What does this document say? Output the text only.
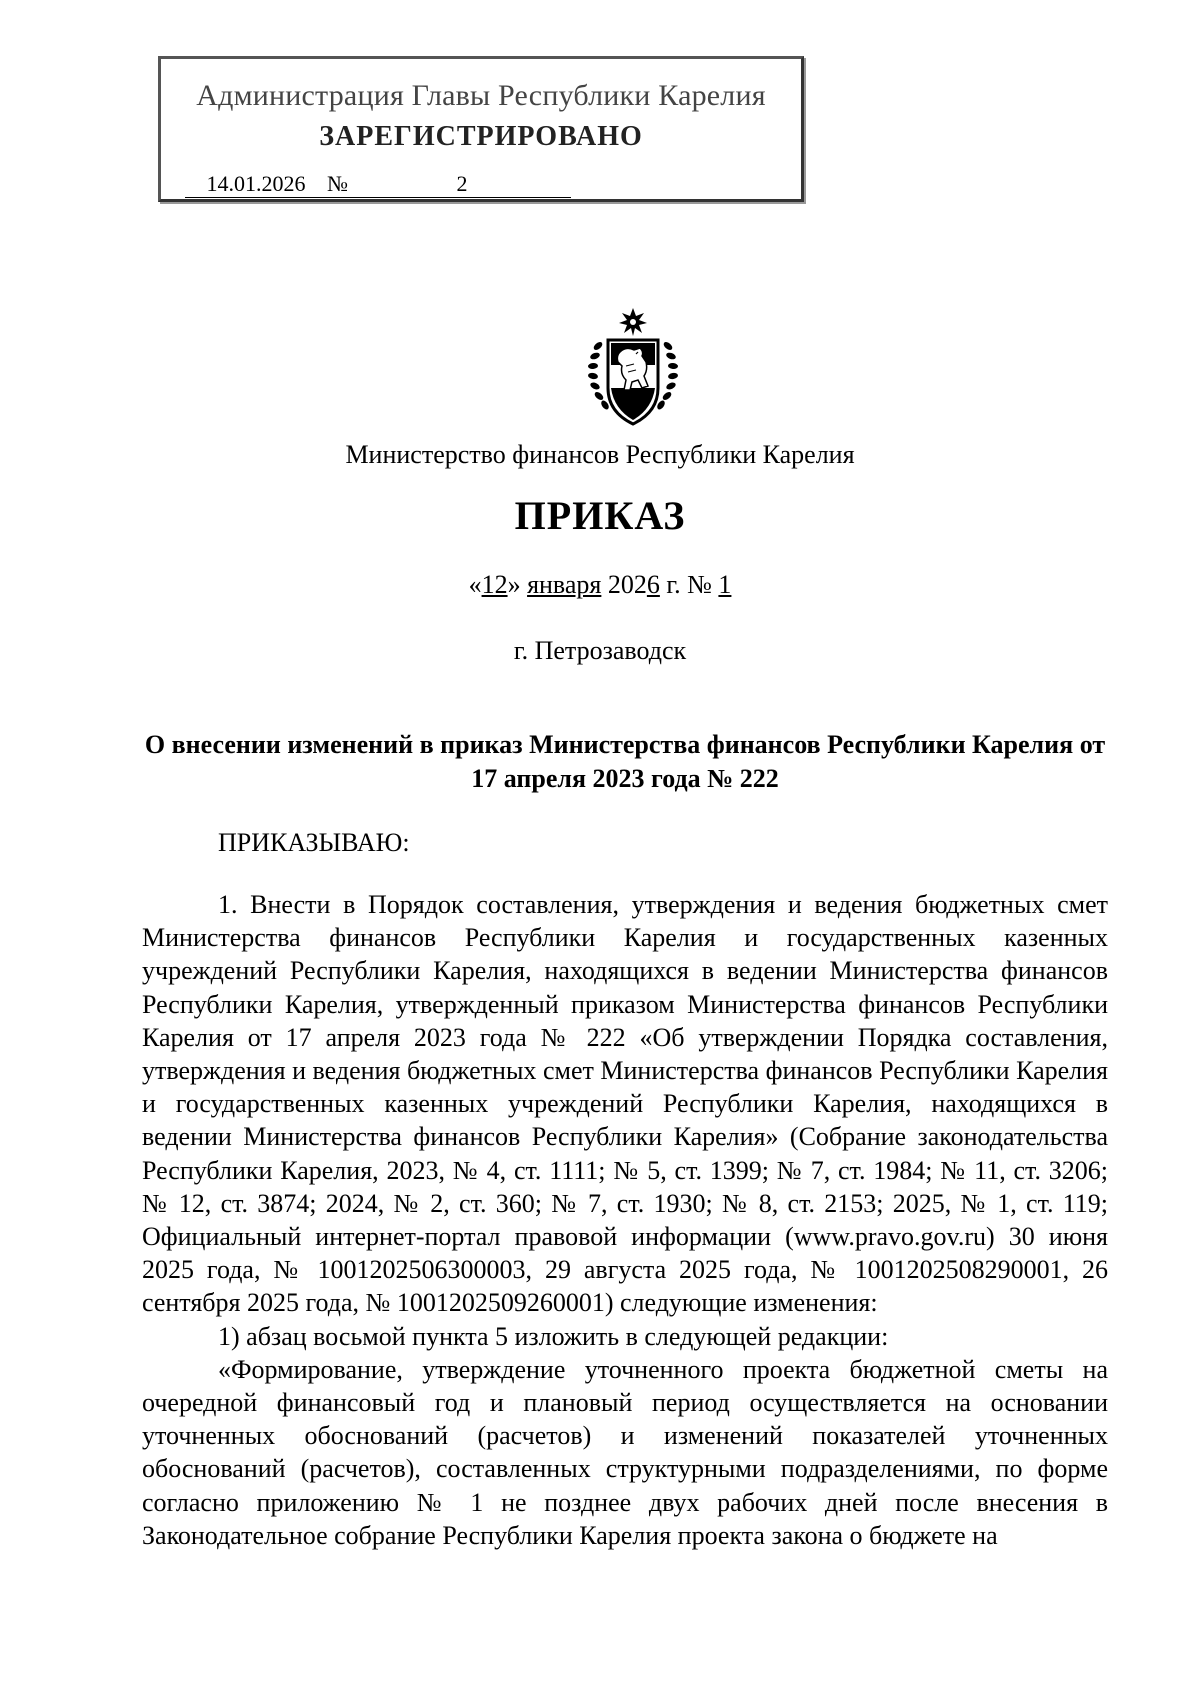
Администрация Главы Республики Карелия
ЗАРЕГИСТРИРОВАНО
14.01.2026 №	2
Министерство финансов Республики Карелия
ПРИКАЗ
«12» января 2026 г. № 1
г. Петрозаводск
О внесении изменений в приказ Министерства финансов Республики Карелия от 17 апреля 2023 года № 222
ПРИКАЗЫВАЮ:

1. Внести в Порядок составления, утверждения и ведения бюджетных смет Министерства финансов Республики Карелия и государственных казенных учреждений Республики Карелия, находящихся в ведении Министерства финансов Республики Карелия, утвержденный приказом Министерства финансов Республики Карелия от 17 апреля 2023 года № 222 «Об утверждении Порядка составления, утверждения и ведения бюджетных смет Министерства финансов Республики Карелия и государственных казенных учреждений Республики Карелия, находящихся в ведении Министерства финансов Республики Карелия» (Собрание законодательства Республики Карелия, 2023, № 4, ст. 1111; № 5, ст. 1399; № 7, ст. 1984; № 11, ст. 3206; № 12, ст. 3874; 2024, № 2, ст. 360; № 7, ст. 1930; № 8, ст. 2153; 2025, № 1, ст. 119; Официальный интернет-портал правовой информации (www.pravo.gov.ru) 30 июня 2025 года, № 1001202506300003, 29 августа 2025 года, № 1001202508290001, 26 сентября 2025 года, № 1001202509260001) следующие изменения:

1) абзац восьмой пункта 5 изложить в следующей редакции:

«Формирование, утверждение уточненного проекта бюджетной сметы на очередной финансовый год и плановый период осуществляется на основании уточненных обоснований (расчетов) и изменений показателей уточненных обоснований (расчетов), составленных структурными подразделениями, по форме согласно приложению № 1 не позднее двух рабочих дней после внесения в Законодательное собрание Республики Карелия проекта закона о бюджете на
